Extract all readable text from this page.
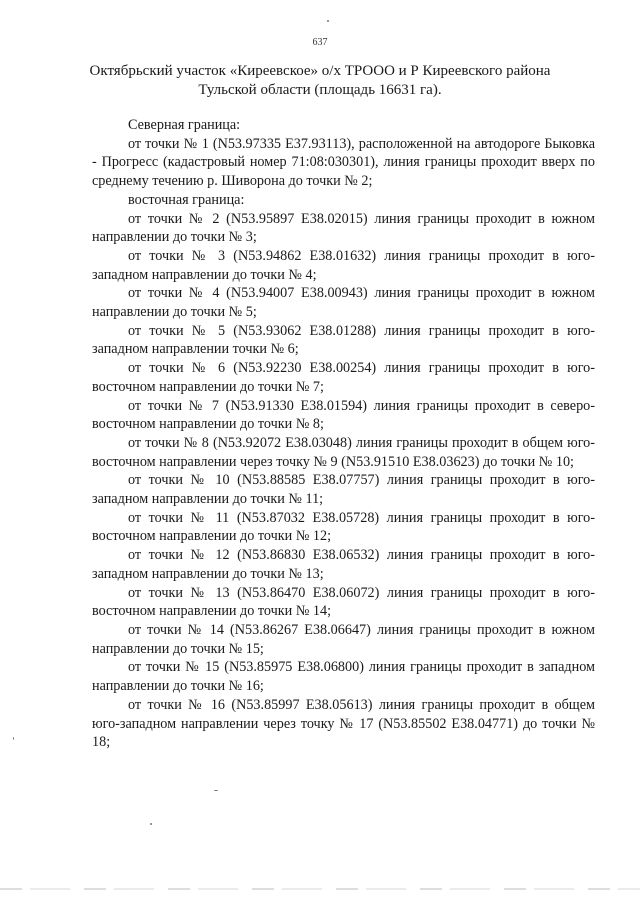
637
Октябрьский участок «Киреевское» о/х ТРООО и Р Киреевского района
Тульской области (площадь 16631 га).

Северная граница:

от точки № 1 (N53.97335 E37.93113), расположенной на автодороге Быковка - Прогресс (кадастровый номер 71:08:030301), линия границы проходит вверх по среднему течению р. Шиворона до точки № 2;

восточная граница:

от точки № 2 (N53.95897 E38.02015) линия границы проходит в южном направлении до точки № 3;

от точки № 3 (N53.94862 E38.01632) линия границы проходит в юго-западном направлении до точки № 4;

от точки № 4 (N53.94007 E38.00943) линия границы проходит в южном направлении до точки № 5;

от точки № 5 (N53.93062 E38.01288) линия границы проходит в юго-западном направлении точки № 6;

от точки № 6 (N53.92230 E38.00254) линия границы проходит в юго-восточном направлении до точки № 7;

от точки № 7 (N53.91330 E38.01594) линия границы проходит в северо-восточном направлении до точки № 8;

от точки № 8 (N53.92072 E38.03048) линия границы проходит в общем юго-восточном направлении через точку № 9 (N53.91510 E38.03623) до точки № 10;

от точки № 10 (N53.88585 E38.07757) линия границы проходит в юго-западном направлении до точки № 11;

от точки № 11 (N53.87032 E38.05728) линия границы проходит в юго-восточном направлении до точки № 12;

от точки № 12 (N53.86830 E38.06532) линия границы проходит в юго-западном направлении до точки № 13;

от точки № 13 (N53.86470 E38.06072) линия границы проходит в юго-восточном направлении до точки № 14;

от точки № 14 (N53.86267 E38.06647) линия границы проходит в южном направлении до точки № 15;

от точки № 15 (N53.85975 E38.06800) линия границы проходит в западном направлении до точки № 16;

от точки № 16 (N53.85997 E38.05613) линия границы проходит в общем юго-западном направлении через точку № 17 (N53.85502 E38.04771) до точки № 18;
